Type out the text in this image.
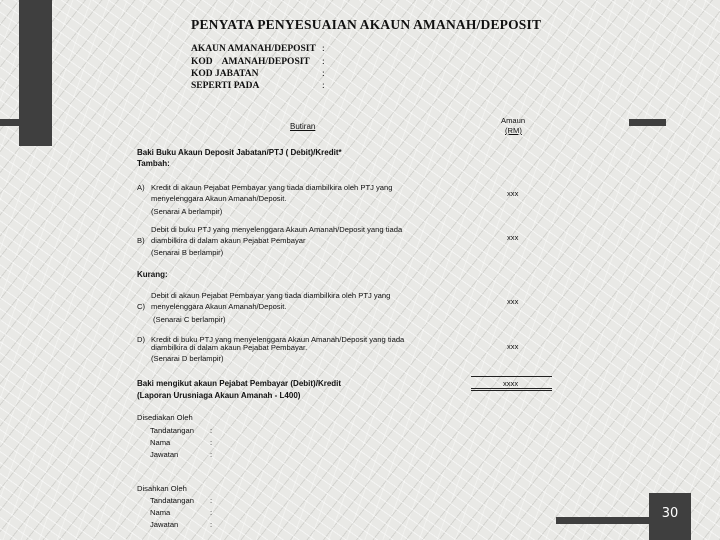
30
PENYATA PENYESUAIAN AKAUN AMANAH/DEPOSIT
AKAUN AMANAH/DEPOSIT :
KOD    AMANAH/DEPOSIT :
KOD JABATAN	:
SEPERTI PADA	:
Butiran
Amaun
(RM)
Baki Buku Akaun Deposit Jabatan/PTJ ( Debit)/Kredit*
Tambah:
A) Kredit di akaun Pejabat Pembayar yang tiada diambilkira oleh PTJ yang
menyelenggara Akaun Amanah/Deposit.
(Senarai A berlampir)
xxx
Debit di buku PTJ yang menyelenggara Akaun Amanah/Deposit yang tiada
B) diambilkira di dalam akaun Pejabat Pembayar
(Senarai B berlampir)
xxx
Kurang:
Debit di akaun Pejabat Pembayar yang tiada diambilkira oleh PTJ yang
C) menyelenggara Akaun Amanah/Deposit.
(Senarai C berlampir)
xxx
D) Kredit di buku PTJ yang menyelenggara Akaun Amanah/Deposit yang tiada
diambilkira di dalam akaun Pejabat Pembayar.
(Senarai D berlampir)
xxx
Baki mengikut akaun Pejabat Pembayar (Debit)/Kredit
(Laporan Urusniaga Akaun Amanah - L400)
xxxx
Disediakan Oleh
Tandatangan :
Nama	:
Jawatan	:
Disahkan Oleh
Tandatangan :
Nama	:
Jawatan	:
